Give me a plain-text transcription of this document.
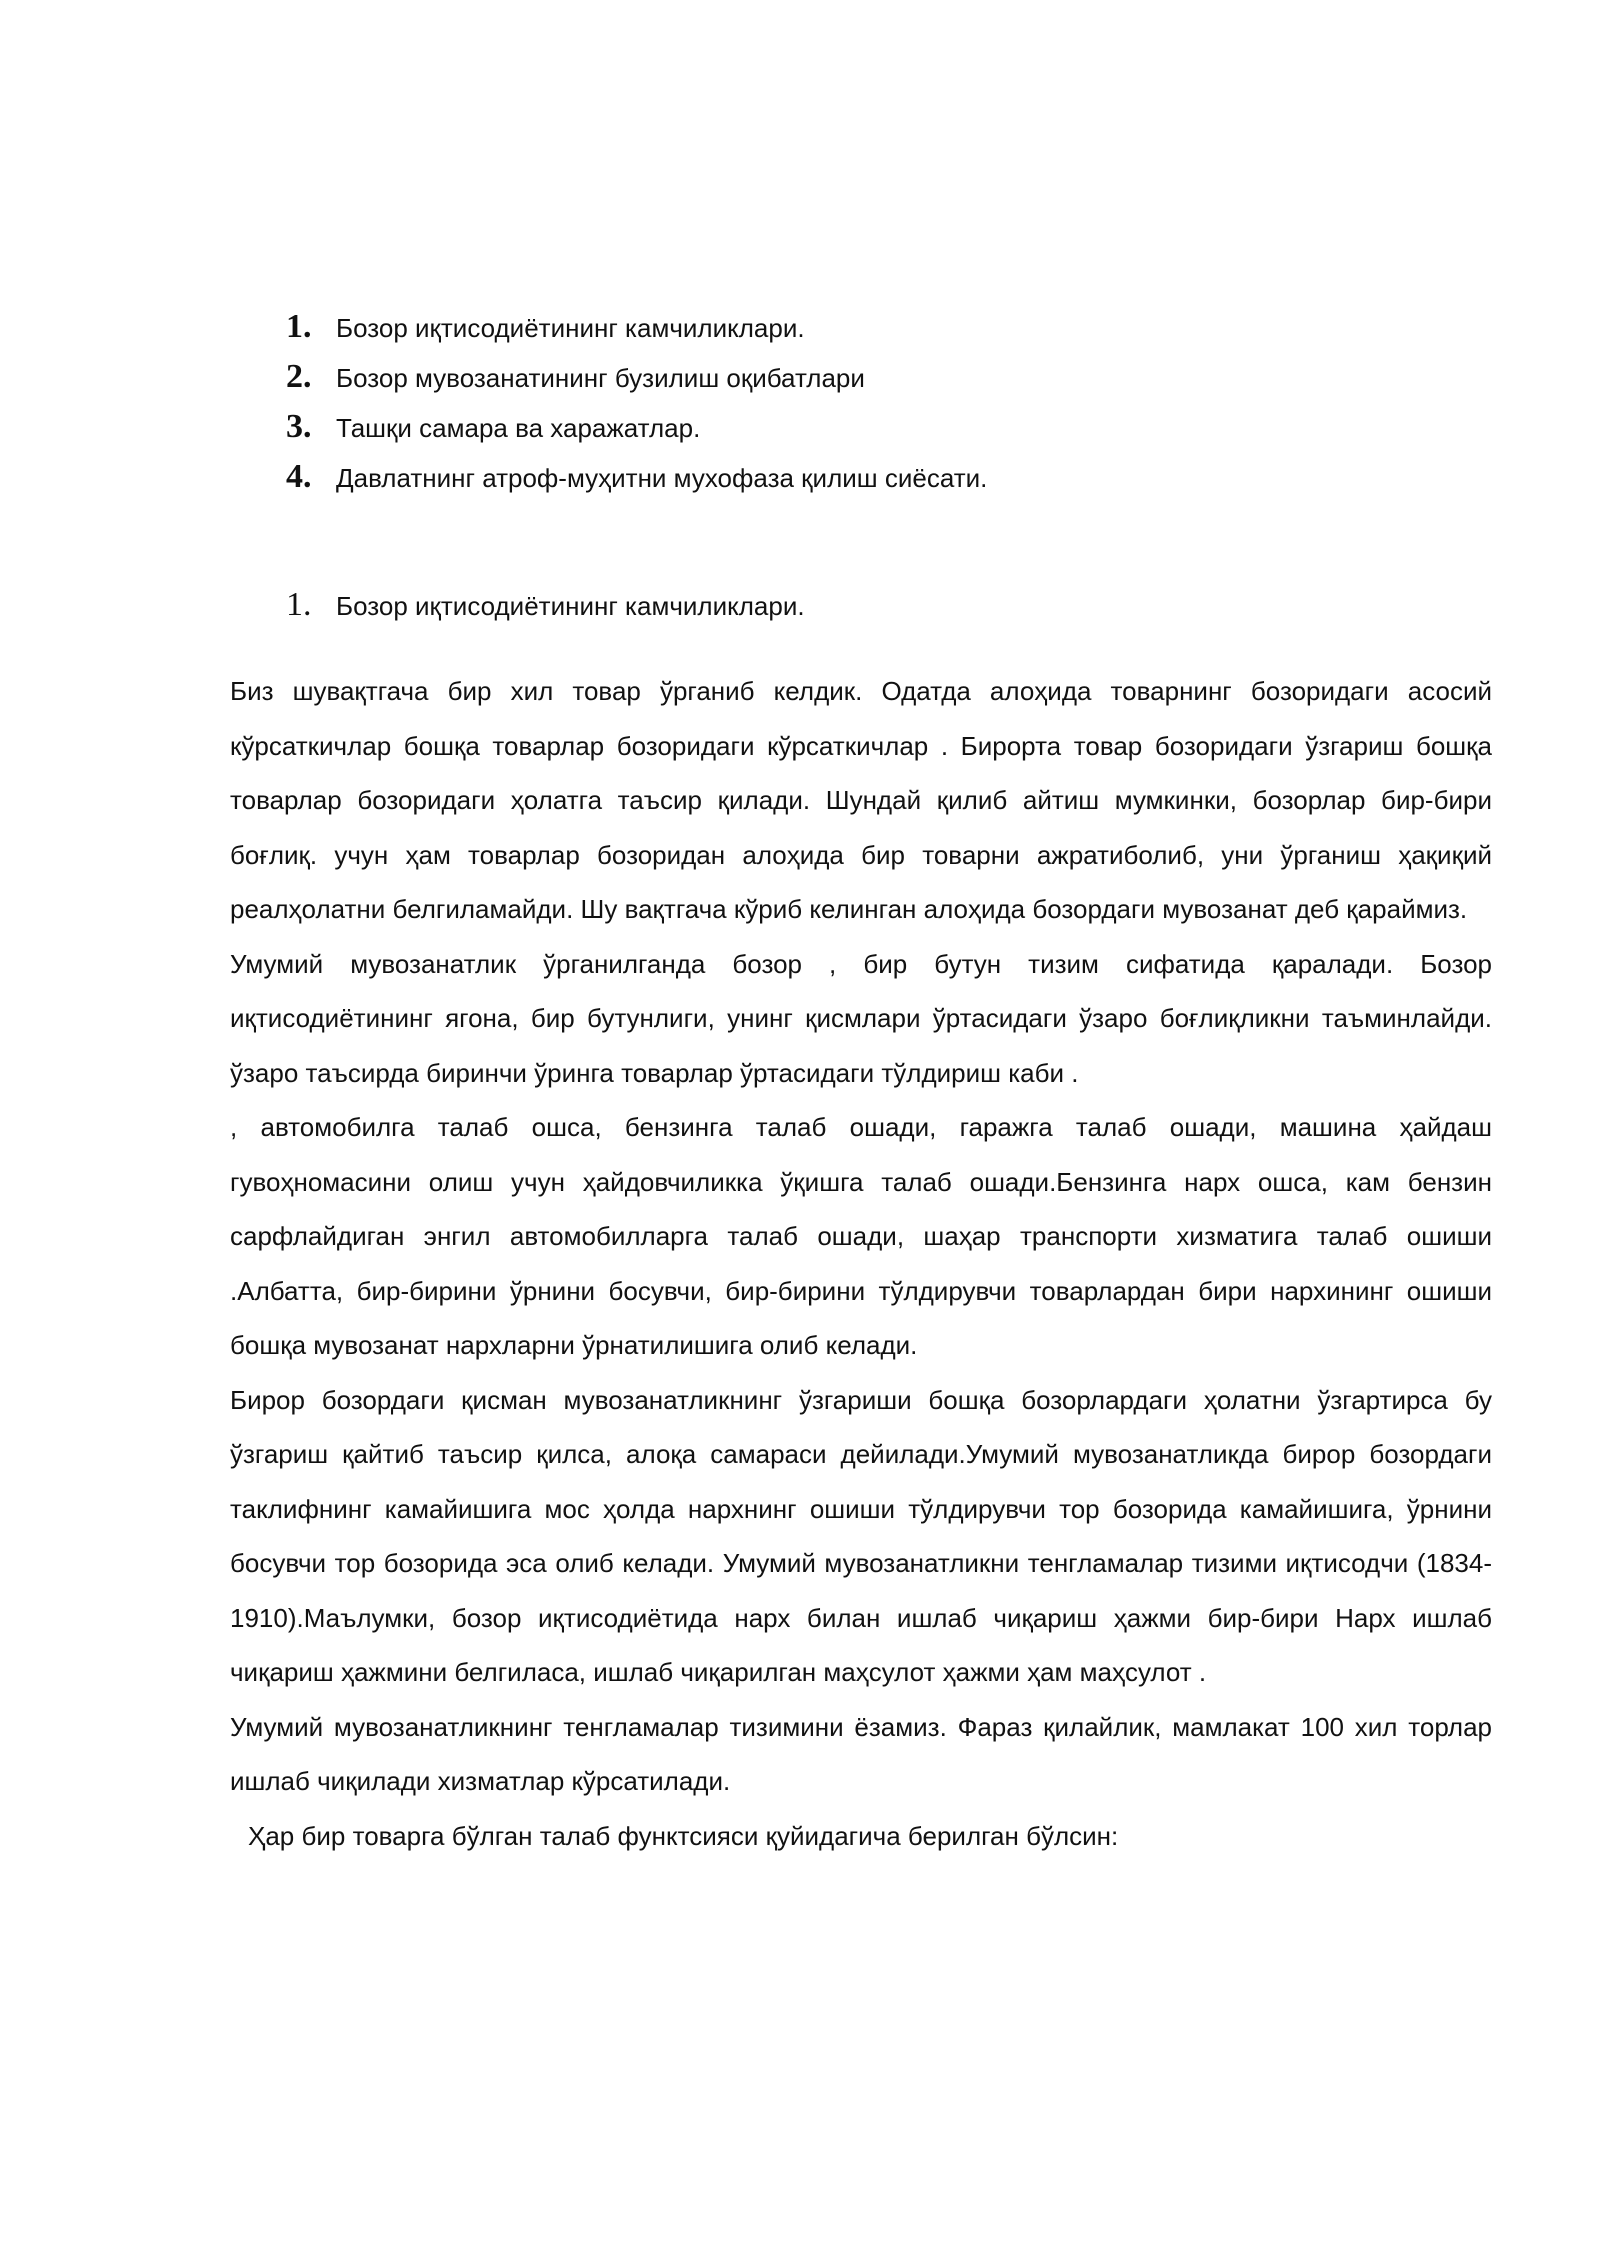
1. Бозор иқтисодиётининг камчиликлари.
2. Бозор мувозанатининг бузилиш оқибатлари
3. Ташқи самара ва харажатлар.
4. Давлатнинг атроф-муҳитни мухофаза қилиш сиёсати.
1. Бозор иқтисодиётининг камчиликлари.

Биз шувақтгача бир хил товар ўрганиб келдик. Одатда алоҳида товарнинг бозоридаги асосий кўрсаткичлар бошқа товарлар бозоридаги кўрсаткичлар . Бирорта товар бозоридаги ўзгариш бошқа товарлар бозоридаги ҳолатга таъсир қилади. Шундай қилиб айтиш мумкинки, бозорлар бир-бири боғлиқ. учун ҳам товарлар бозоридан алоҳида бир товарни ажратиболиб, уни ўрганиш ҳақиқий реалҳолатни белгиламайди. Шу вақтгача кўриб келинган алоҳида бозордаги мувозанат деб қараймиз.

Умумий мувозанатлик ўрганилганда бозор , бир бутун тизим сифатида қаралади. Бозор иқтисодиётининг ягона, бир бутунлиги, унинг қисмлари ўртасидаги ўзаро боғлиқликни таъминлайди. ўзаро таъсирда биринчи ўринга товарлар ўртасидаги тўлдириш каби .

, автомобилга талаб ошса, бензинга талаб ошади, гаражга талаб ошади, машина ҳайдаш гувоҳномасини олиш учун ҳайдовчиликка ўқишга талаб ошади.Бензинга нарх ошса, кам бензин сарфлайдиган энгил автомобилларга талаб ошади, шаҳар транспорти хизматига талаб ошиши .Албатта, бир-бирини ўрнини босувчи, бир-бирини тўлдирувчи товарлардан бири нархининг ошиши бошқа мувозанат нархларни ўрнатилишига олиб келади.

Бирор бозордаги қисман мувозанатликнинг ўзгариши бошқа бозорлардаги ҳолатни ўзгартирса бу ўзгариш қайтиб таъсир қилса, алоқа самараси дейилади.Умумий мувозанатликда бирор бозордаги таклифнинг камайишига мос ҳолда нархнинг ошиши тўлдирувчи тор бозорида камайишига, ўрнини босувчи тор бозорида эса олиб келади. Умумий мувозанатликни тенгламалар тизими иқтисодчи (1834-1910).Маълумки, бозор иқтисодиётида нарх билан ишлаб чиқариш ҳажми бир-бири Нарх ишлаб чиқариш ҳажмини белгиласа, ишлаб чиқарилган маҳсулот ҳажми ҳам маҳсулот .

Умумий мувозанатликнинг тенгламалар тизимини ёзамиз. Фараз қилайлик, мамлакат 100 хил торлар ишлаб чиқилади хизматлар кўрсатилади.

Ҳар бир товарга бўлган талаб функтсияси қуйидагича берилган бўлсин:
